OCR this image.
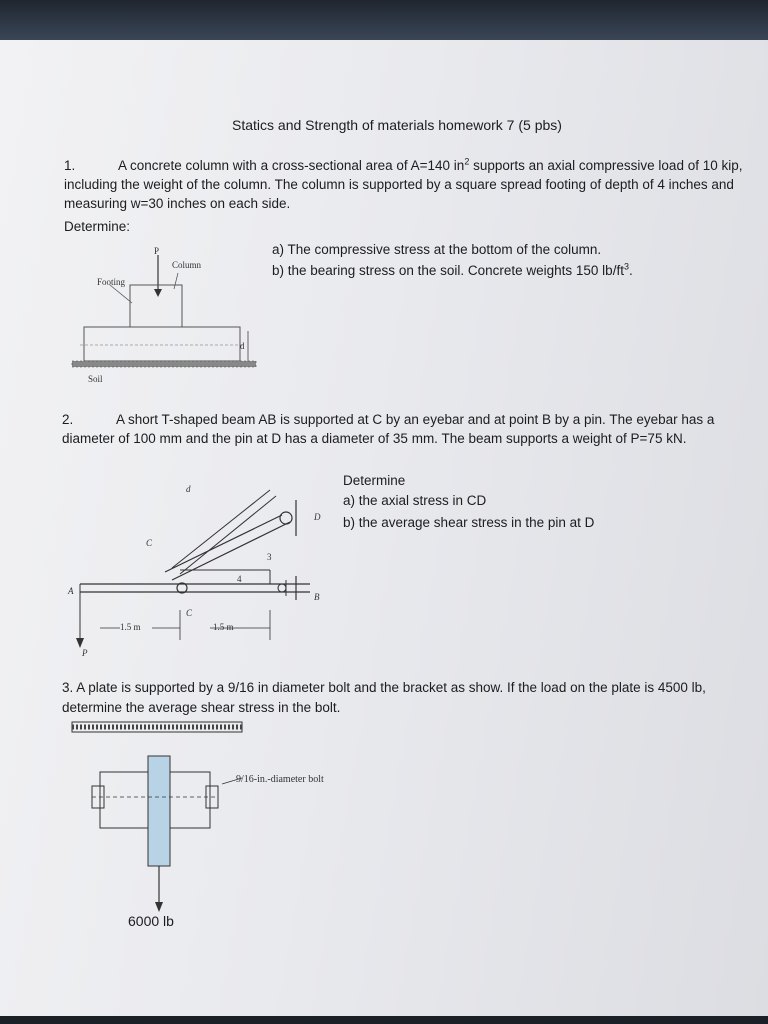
Statics and Strength of materials homework 7 (5 pbs)
1.	A concrete column with a cross-sectional area of A=140 $in^2$ supports an axial compressive load of 10 kip, including the weight of the column. The column is supported by a square spread footing of depth of 4 inches and measuring w=30 inches on each side.
Determine:
a) The compressive stress at the bottom of the column.
b) the bearing stress on the soil. Concrete weights 150 $lb/ft^3$.
P
Column
Footing
d
Soil
2.	A short T-shaped beam AB is supported at C by an eyebar and at point B by a pin. The eyebar has a diameter of 100 mm and the pin at D has a diameter of 35 mm. The beam supports a weight of P=75 kN.
Determine
a) the axial stress in CD
b) the average shear stress in the pin at D
d
C
D
3
4
A
B
C
1.5 m	1.5 m
P
3. A plate is supported by a 9/16 in diameter bolt and the bracket as show. If the load on the plate is 4500 lb, determine the average shear stress in the bolt.
9/16-in.-diameter bolt
6000 lb
